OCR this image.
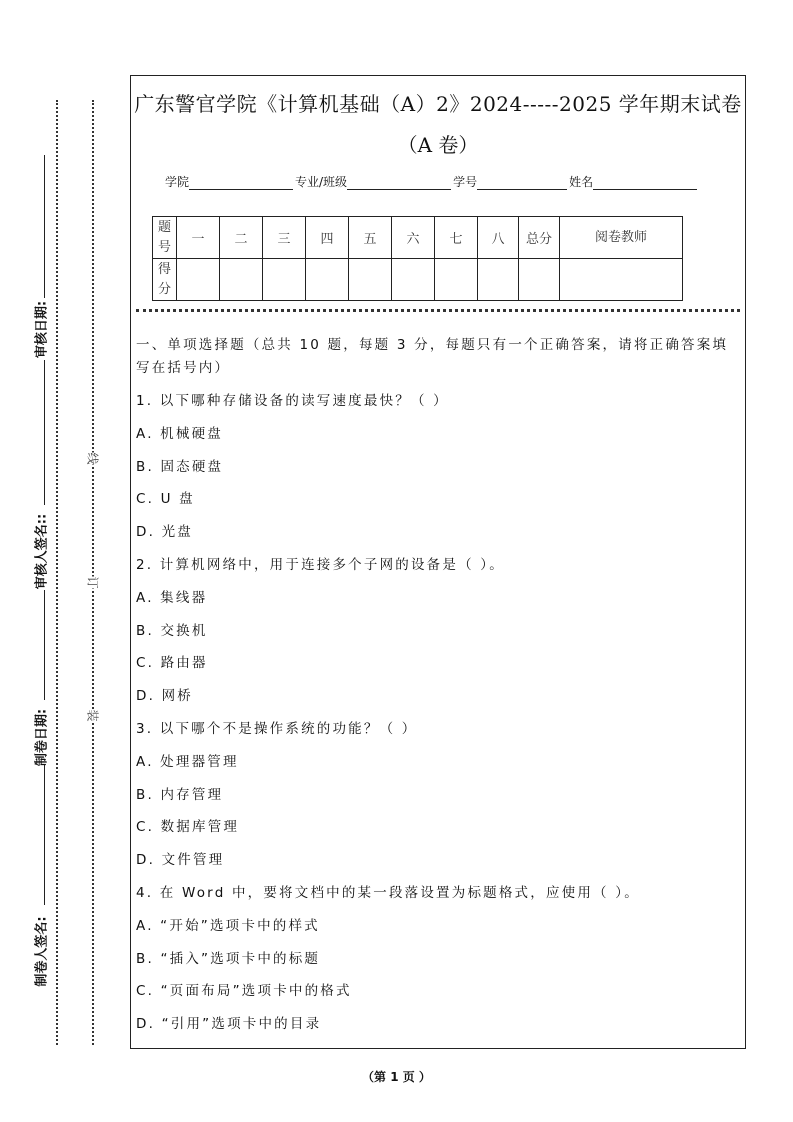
线
订
装
审核日期:
审核人签名::
制卷日期:
制卷人签名:
广东警官学院《计算机基础（A）2》2024-----2025 学年期末试卷
（A 卷）
学院	专业/班级	学号	姓名
题号	一	二	三	四	五	六	七	八	总分	阅卷教师
得分										
一、单项选择题（总共 10 题，每题 3 分，每题只有一个正确答案，请将正确答案填
写在括号内）
1. 以下哪种存储设备的读写速度最快？（ ）
A. 机械硬盘
B. 固态硬盘
C. U 盘
D. 光盘
2. 计算机网络中，用于连接多个子网的设备是（ ）。
A. 集线器
B. 交换机
C. 路由器
D. 网桥
3. 以下哪个不是操作系统的功能？（ ）
A. 处理器管理
B. 内存管理
C. 数据库管理
D. 文件管理
4. 在 Word 中，要将文档中的某一段落设置为标题格式，应使用（ ）。
A. “开始”选项卡中的样式
B. “插入”选项卡中的标题
C. “页面布局”选项卡中的格式
D. “引用”选项卡中的目录
（第 1 页 ）
